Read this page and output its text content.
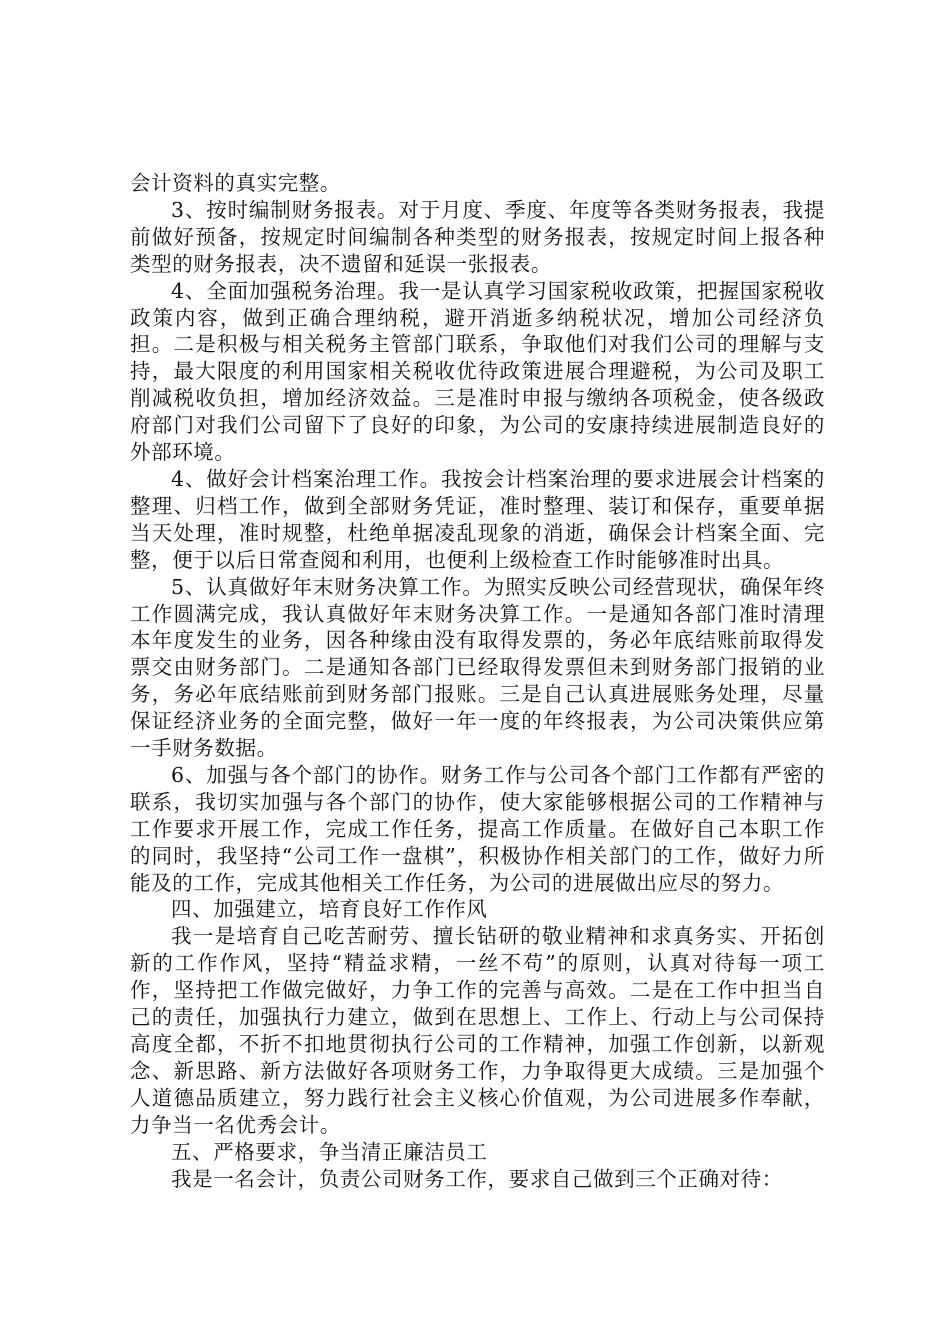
会计资料的真实完整。

3、按时编制财务报表。对于月度、季度、年度等各类财务报表，我提前做好预备，按规定时间编制各种类型的财务报表，按规定时间上报各种类型的财务报表，决不遗留和延误一张报表。

4、全面加强税务治理。我一是认真学习国家税收政策，把握国家税收政策内容，做到正确合理纳税，避开消逝多纳税状况，增加公司经济负担。二是积极与相关税务主管部门联系，争取他们对我们公司的理解与支持，最大限度的利用国家相关税收优待政策进展合理避税，为公司及职工削减税收负担，增加经济效益。三是准时申报与缴纳各项税金，使各级政府部门对我们公司留下了良好的印象，为公司的安康持续进展制造良好的外部环境。

4、做好会计档案治理工作。我按会计档案治理的要求进展会计档案的整理、归档工作，做到全部财务凭证，准时整理、装订和保存，重要单据当天处理，准时规整，杜绝单据凌乱现象的消逝，确保会计档案全面、完整，便于以后日常查阅和利用，也便利上级检查工作时能够准时出具。

5、认真做好年末财务决算工作。为照实反映公司经营现状，确保年终工作圆满完成，我认真做好年末财务决算工作。一是通知各部门准时清理本年度发生的业务，因各种缘由没有取得发票的，务必年底结账前取得发票交由财务部门。二是通知各部门已经取得发票但未到财务部门报销的业务，务必年底结账前到财务部门报账。三是自己认真进展账务处理，尽量保证经济业务的全面完整，做好一年一度的年终报表，为公司决策供应第一手财务数据。

6、加强与各个部门的协作。财务工作与公司各个部门工作都有严密的联系，我切实加强与各个部门的协作，使大家能够根据公司的工作精神与工作要求开展工作，完成工作任务，提高工作质量。在做好自己本职工作的同时，我坚持“公司工作一盘棋”，积极协作相关部门的工作，做好力所能及的工作，完成其他相关工作任务，为公司的进展做出应尽的努力。

四、加强建立，培育良好工作作风

我一是培育自己吃苦耐劳、擅长钻研的敬业精神和求真务实、开拓创新的工作作风，坚持“精益求精，一丝不苟”的原则，认真对待每一项工作，坚持把工作做完做好，力争工作的完善与高效。二是在工作中担当自己的责任，加强执行力建立，做到在思想上、工作上、行动上与公司保持高度全都，不折不扣地贯彻执行公司的工作精神，加强工作创新，以新观念、新思路、新方法做好各项财务工作，力争取得更大成绩。三是加强个人道德品质建立，努力践行社会主义核心价值观，为公司进展多作奉献，力争当一名优秀会计。

五、严格要求，争当清正廉洁员工

我是一名会计，负责公司财务工作，要求自己做到三个正确对待：
